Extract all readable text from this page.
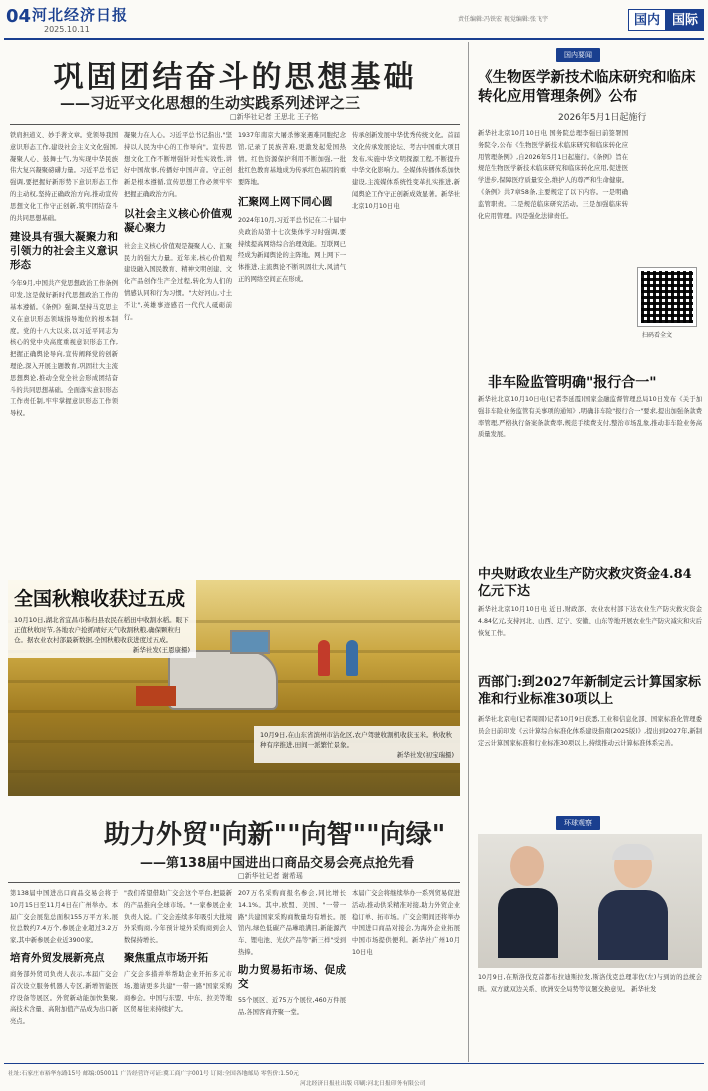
04 河北经济日报
2025.10.11
责任编辑:冯铁宏 视觉编辑:张飞宇	国内 国际
巩固团结奋斗的思想基础
——习近平文化思想的生动实践系列述评之三
□新华社记者 王思北 王子铭

铁肩担道义、妙手著文章。党领导我国意识形态工作,建设社会主义文化强国,凝聚人心、鼓舞士气,为实现中华民族伟大复兴凝聚磅礴力量。习近平总书记强调,要把握好新形势下意识形态工作的主动权,坚持正确政治方向,推动宣传思想文化工作守正创新,筑牢团结奋斗的共同思想基础。

建设具有强大凝聚力和引领力的社会主义意识形态

今年9月,中国共产党思想政治工作条例印发,这是做好新时代思想政治工作的基本遵循。《条例》强调,坚持马克思主义在意识形态领域指导地位的根本制度。党的十八大以来,以习近平同志为核心的党中央高度重视意识形态工作,把握正确舆论导向,宣传阐释党的创新理论,深入开展主题教育,巩固壮大主流思想舆论,推动全党全社会形成团结奋斗的共同思想基础。全面落实意识形态工作责任制,牢牢掌握意识形态工作领导权。

凝聚力在人心。习近平总书记指出,"坚持以人民为中心的工作导向"。宣传思想文化工作不断增强针对性实效性,讲好中国故事,传播好中国声音。守正创新是根本遵循,宣传思想工作必须牢牢把握正确政治方向。

以社会主义核心价值观凝心聚力

社会主义核心价值观是凝聚人心、汇聚民力的强大力量。近年来,核心价值观建设融入国民教育、精神文明创建、文化产品创作生产全过程,转化为人们的情感认同和行为习惯。"大好河山,寸土不让",英雄事迹感召一代代人砥砺前行。

1937年南京大屠杀惨案遇难同胞纪念馆,记录了民族苦难,更激发起爱国热情。红色资源保护利用不断加强,一批批红色教育基地成为传承红色基因的重要阵地。

汇聚网上网下同心圆

2024年10月,习近平总书记在二十届中央政治局第十七次集体学习时强调,要持续提高网络综合治理效能。互联网已经成为新闻舆论的主阵地。网上网下一体推进,主流舆论不断巩固壮大,风清气正的网络空间正在形成。

传承创新发展中华优秀传统文化。首届文化传承发展论坛、考古中国重大项目发布,实施中华文明探源工程,不断提升中华文化影响力。全媒体传播体系加快建设,主流媒体系统性变革扎实推进,新闻舆论工作守正创新成效显著。新华社北京10月10日电

全国秋粮收获过五成
10月10日,湖北省宜昌市秭归县农民在稻田中收割水稻。眼下正值秋收时节,各地农户抢抓晴好天气收割秋粮,确保颗粒归仓。据农业农村部最新数据,全国秋粮收获进度过五成。
新华社发(王恩康摄)
10月9日,在山东省滨州市沾化区,农户驾驶收割机收获玉米。秋收秋种有序推进,田间一派繁忙景象。
新华社发(初宝瑞摄)
助力外贸"向新""向智""向绿"
——第138届中国进出口商品交易会亮点抢先看
□新华社记者 谢希瑶

第138届中国进出口商品交易会将于10月15日至11月4日在广州举办。本届广交会展览总面积155万平方米,展位总数约7.4万个,参展企业超过3.2万家,其中新参展企业近3900家。

培育外贸发展新亮点

商务部外贸司负责人表示,本届广交会首次设立服务机器人专区,新增智能医疗设备等展区。外贸新动能加快集聚,高技术含量、高附加值产品成为出口新亮点。

"我们希望借助广交会这个平台,把最新的产品推向全球市场。"一家参展企业负责人说。广交会连续多年吸引大批境外采购商,今年预计境外采购商到会人数保持增长。

聚焦重点市场开拓

广交会多措并举帮助企业开拓多元市场,邀请更多共建"一带一路"国家采购商参会。中国与东盟、中东、拉美等地区贸易往来持续扩大。

207万名采购商报名参会,同比增长14.1%。其中,欧盟、美国、"一带一路"共建国家采购商数量均有增长。展馆内,绿色低碳产品琳琅满目,新能源汽车、锂电池、光伏产品等"新三样"受到热捧。

助力贸易拓市场、促成交

55个展区、近75万个展位,460万件展品,各国客商齐聚一堂。

本届广交会将继续举办一系列贸易促进活动,推动供采精准对接,助力外贸企业稳订单、拓市场。广交会期间还将举办中国进口商品对接会,为海外企业拓展中国市场提供便利。新华社广州10月10日电

国内要闻
《生物医学新技术临床研究和临床转化应用管理条例》公布
2026年5月1日起施行
新华社北京10月10日电 国务院总理李强日前签署国务院令,公布《生物医学新技术临床研究和临床转化应用管理条例》,自2026年5月1日起施行。《条例》旨在规范生物医学新技术临床研究和临床转化应用,促进医学进步,保障医疗质量安全,维护人的尊严和生命健康。《条例》共7章58条,主要规定了以下内容。一是明确监管职责。二是规范临床研究活动。三是加强临床转化应用管理。四是强化法律责任。
扫码看全文
非车险监管明确"报行合一"
新华社北京10月10日电(记者李延霞)国家金融监督管理总局10日发布《关于加强非车险业务监管有关事项的通知》,明确非车险"报行合一"要求,提出加强条款费率管理,严格执行备案条款费率,规范手续费支付,整治市场乱象,推动非车险业务高质量发展。
中央财政农业生产防灾救灾资金4.84亿元下达
新华社北京10月10日电 近日,财政部、农业农村部下达农业生产防灾救灾资金4.84亿元,支持河北、山西、辽宁、安徽、山东等地开展农业生产防灾减灾和灾后恢复工作。
西部门:到2027年新制定云计算国家标准和行业标准30项以上
新华社北京电(记者周圆)记者10月9日获悉,工业和信息化部、国家标准化管理委员会日前印发《云计算综合标准化体系建设指南(2025版)》,提出到2027年,新制定云计算国家标准和行业标准30项以上,持续推动云计算标准体系完善。
环球观察
10月9日,在斯洛伐克首都布拉迪斯拉发,斯洛伐克总理菲佐(左)与到访的总统会晤。双方就双边关系、欧洲安全局势等议题交换意见。 新华社发
社址:石家庄市裕华东路15号 邮编:050011 广告经营许可证:冀工商广字001号 订阅:全国各地邮局 零售价:1.50元
河北经济日报社出版 印刷:河北日报印务有限公司
